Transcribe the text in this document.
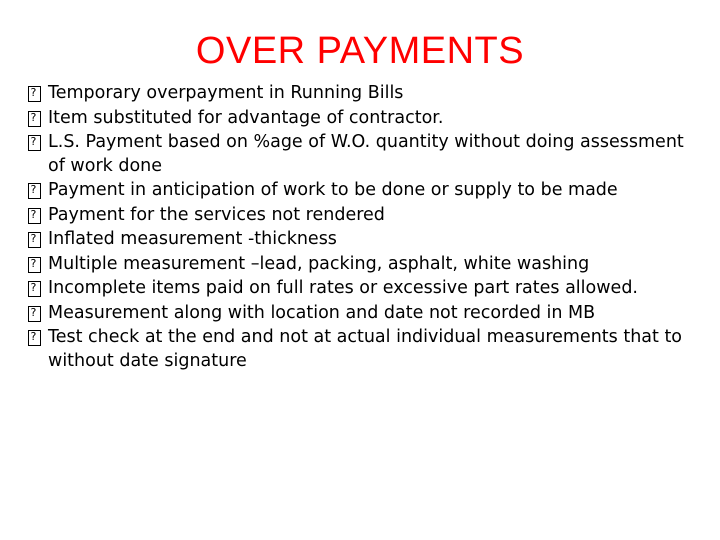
OVER PAYMENTS
?
Temporary overpayment in Running Bills
?
Item substituted for advantage of contractor.
?
L.S. Payment based on %age of W.O. quantity without doing assessment of work done
?
Payment in anticipation of work to be done or supply to be made
?
Payment for the services not rendered
?
Inflated measurement -thickness
?
Multiple measurement –lead, packing, asphalt, white washing
?
Incomplete items paid on full rates or excessive part rates allowed.
?
Measurement along with location and date not recorded in MB
?
Test check at the end and not at actual individual measurements that to without date signature
